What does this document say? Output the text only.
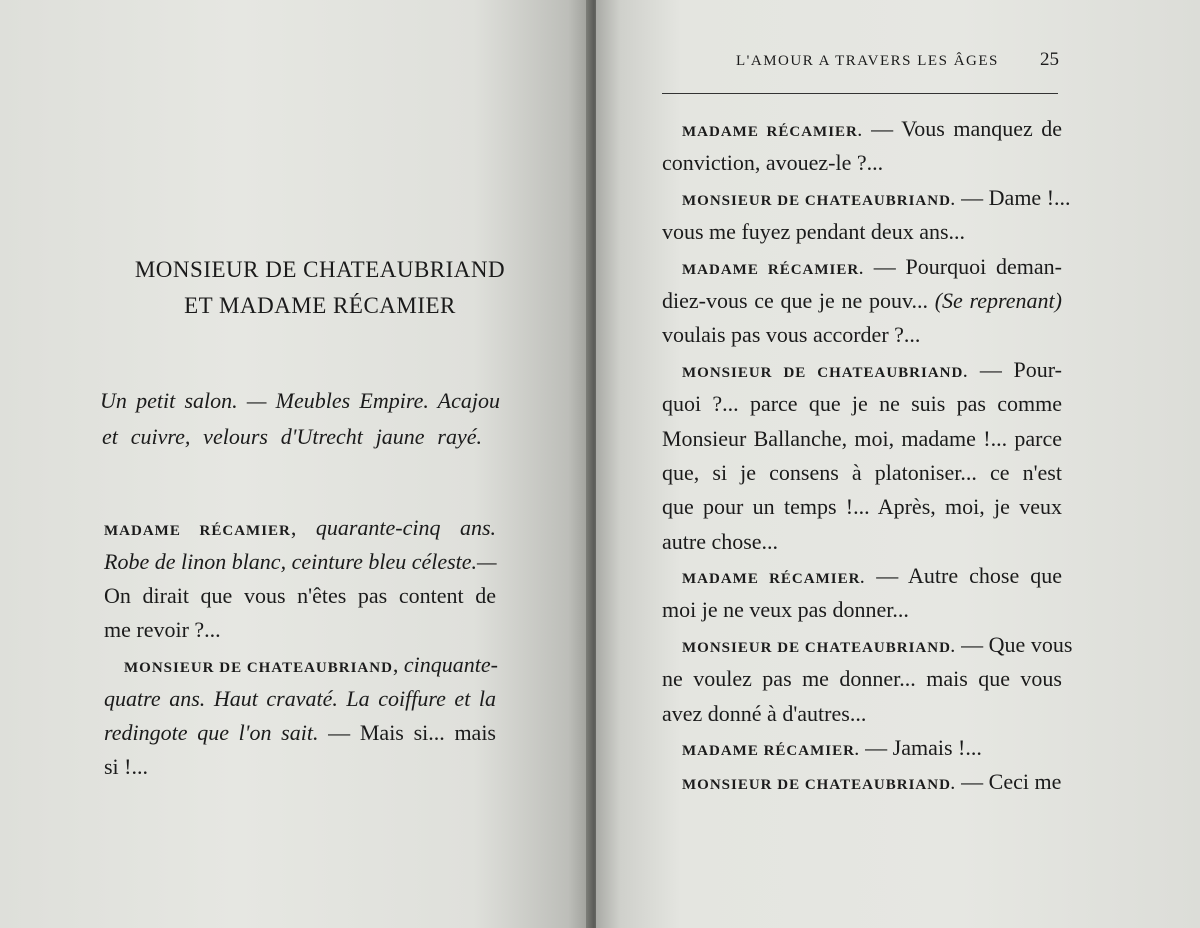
MONSIEUR DE CHATEAUBRIAND
ET MADAME RÉCAMIER
Un petit salon. — Meubles Empire. Acajou
et cuivre, velours d'Utrecht jaune rayé.
MADAME RÉCAMIER, quarante-cinq ans.
Robe de linon blanc, ceinture bleu céleste.—
On dirait que vous n'êtes pas content de
me revoir ?...
MONSIEUR DE CHATEAUBRIAND, cinquante-
quatre ans. Haut cravaté. La coiffure et la
redingote que l'on sait. — Mais si... mais
si !...
L'AMOUR A TRAVERS LES ÂGES 25
MADAME RÉCAMIER. — Vous manquez de
conviction, avouez-le ?...
MONSIEUR DE CHATEAUBRIAND. — Dame !...
vous me fuyez pendant deux ans...
MADAME RÉCAMIER. — Pourquoi deman-
diez-vous ce que je ne pouv... (Se reprenant)
voulais pas vous accorder ?...
MONSIEUR DE CHATEAUBRIAND. — Pour-
quoi ?... parce que je ne suis pas comme
Monsieur Ballanche, moi, madame !... parce
que, si je consens à platoniser... ce n'est
que pour un temps !... Après, moi, je veux
autre chose...
MADAME RÉCAMIER. — Autre chose que
moi je ne veux pas donner...
MONSIEUR DE CHATEAUBRIAND. — Que vous
ne voulez pas me donner... mais que vous
avez donné à d'autres...
MADAME RÉCAMIER. — Jamais !...
MONSIEUR DE CHATEAUBRIAND. — Ceci me
